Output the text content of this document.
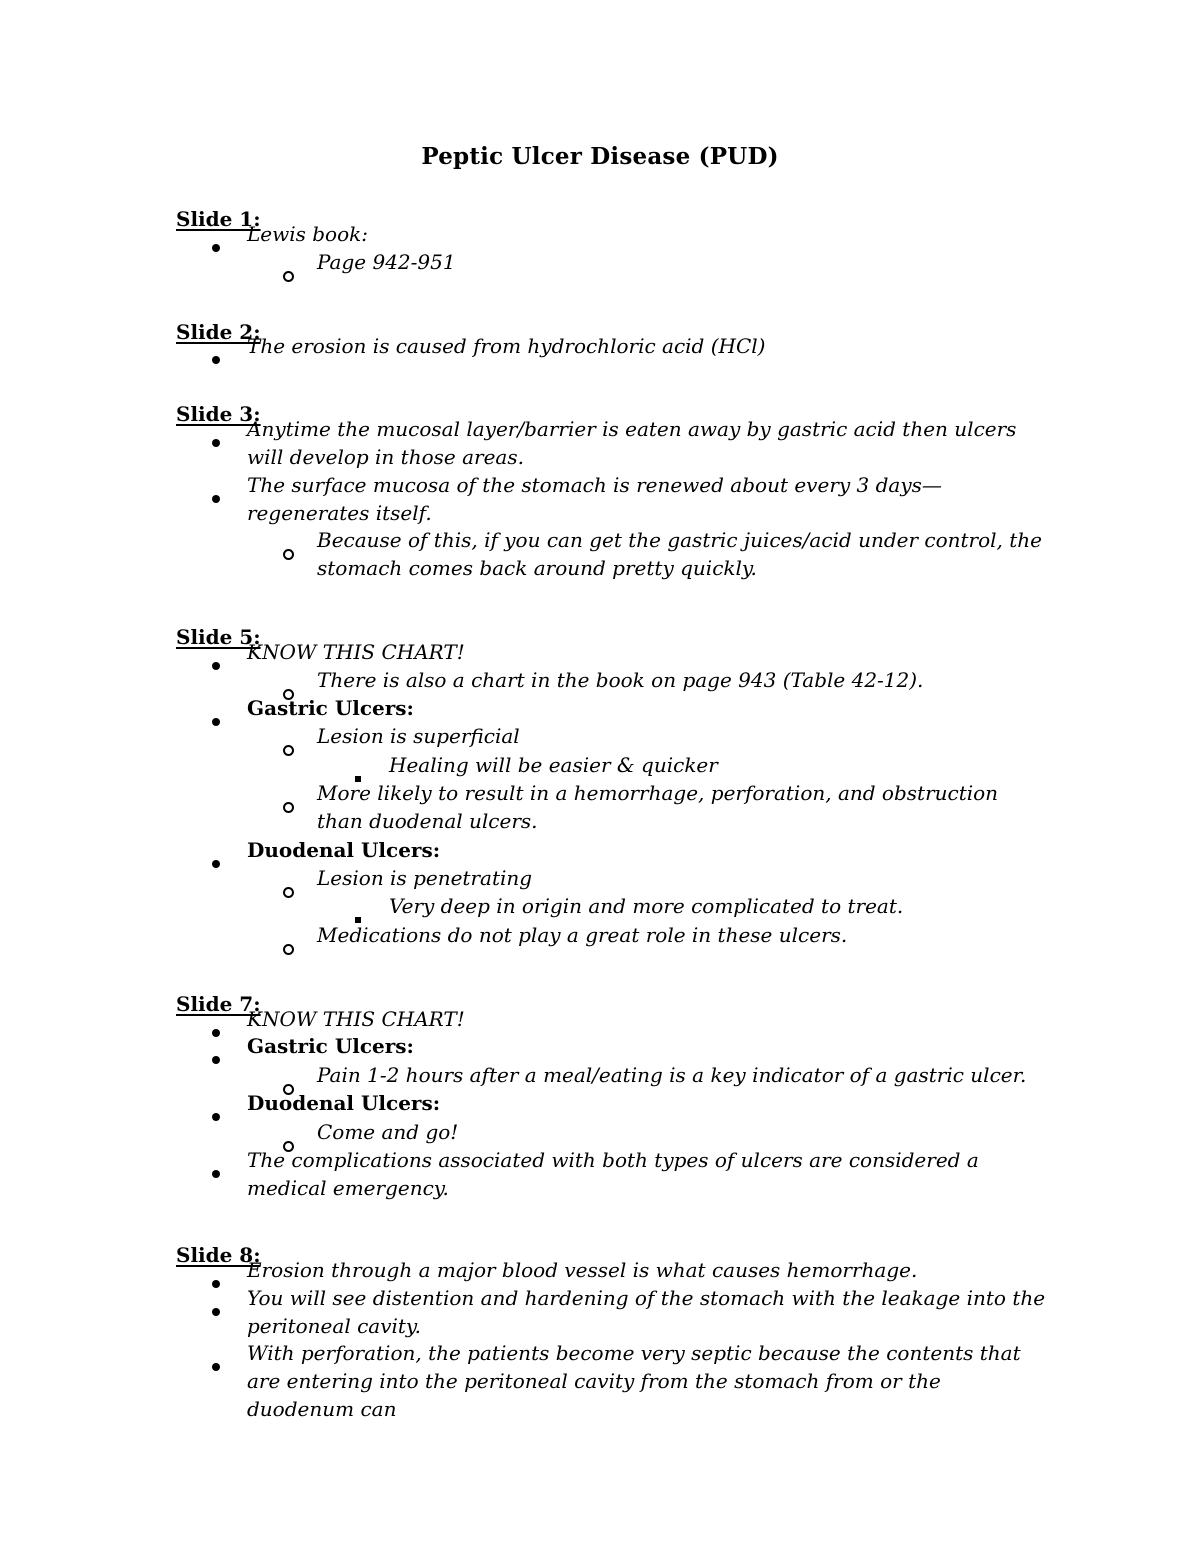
Peptic Ulcer Disease (PUD)
Slide 1:
Lewis book:
Page 942-951
Slide 2:
The erosion is caused from hydrochloric acid (HCl)
Slide 3:
Anytime the mucosal layer/barrier is eaten away by gastric acid then ulcers will develop in those areas.
The surface mucosa of the stomach is renewed about every 3 days— regenerates itself.
Because of this, if you can get the gastric juices/acid under control, the stomach comes back around pretty quickly.
Slide 5:
KNOW THIS CHART!
There is also a chart in the book on page 943 (Table 42-12).
Gastric Ulcers:
Lesion is superficial
Healing will be easier & quicker
More likely to result in a hemorrhage, perforation, and obstruction than duodenal ulcers.
Duodenal Ulcers:
Lesion is penetrating
Very deep in origin and more complicated to treat.
Medications do not play a great role in these ulcers.
Slide 7:
KNOW THIS CHART!
Gastric Ulcers:
Pain 1-2 hours after a meal/eating is a key indicator of a gastric ulcer.
Duodenal Ulcers:
Come and go!
The complications associated with both types of ulcers are considered a medical emergency.
Slide 8:
Erosion through a major blood vessel is what causes hemorrhage.
You will see distention and hardening of the stomach with the leakage into the peritoneal cavity.
With perforation, the patients become very septic because the contents that are entering into the peritoneal cavity from the stomach from or the duodenum can
